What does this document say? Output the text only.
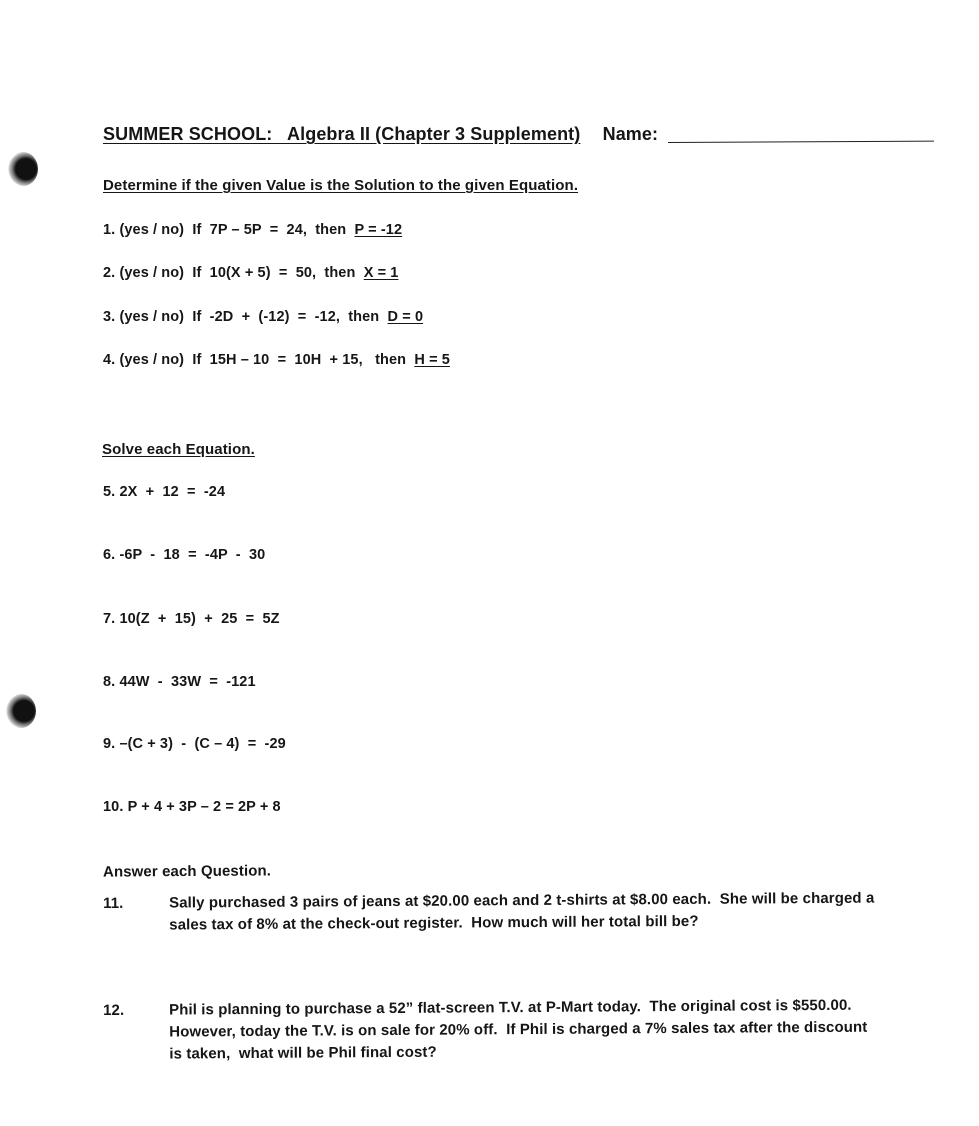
SUMMER SCHOOL:   Algebra II (Chapter 3 Supplement) Name:
Determine if the given Value is the Solution to the given Equation.
1. (yes / no) If  7P – 5P  =  24,  then P = -12
2. (yes / no) If  10(X + 5)  =  50,  then X = 1
3. (yes / no) If  -2D  +  (-12)  =  -12,  then D = 0
4. (yes / no) If  15H – 10  =  10H  + 15,   then H = 5
Solve each Equation.
5. 2X  +  12  =  -24
6. -6P  -  18  =  -4P  -  30
7. 10(Z  +  15)  +  25  =  5Z
8. 44W  -  33W  =  -121
9. –(C + 3)  -  (C – 4)  =  -29
10. P + 4 + 3P – 2 = 2P + 8
Answer each Question.
11.	Sally purchased 3 pairs of jeans at $20.00 each and 2 t-shirts at $8.00 each.  She will be charged a
sales tax of 8% at the check-out register.  How much will her total bill be?
12.	Phil is planning to purchase a 52” flat-screen T.V. at P-Mart today.  The original cost is $550.00.
However, today the T.V. is on sale for 20% off.  If Phil is charged a 7% sales tax after the discount
is taken,  what will be Phil final cost?
